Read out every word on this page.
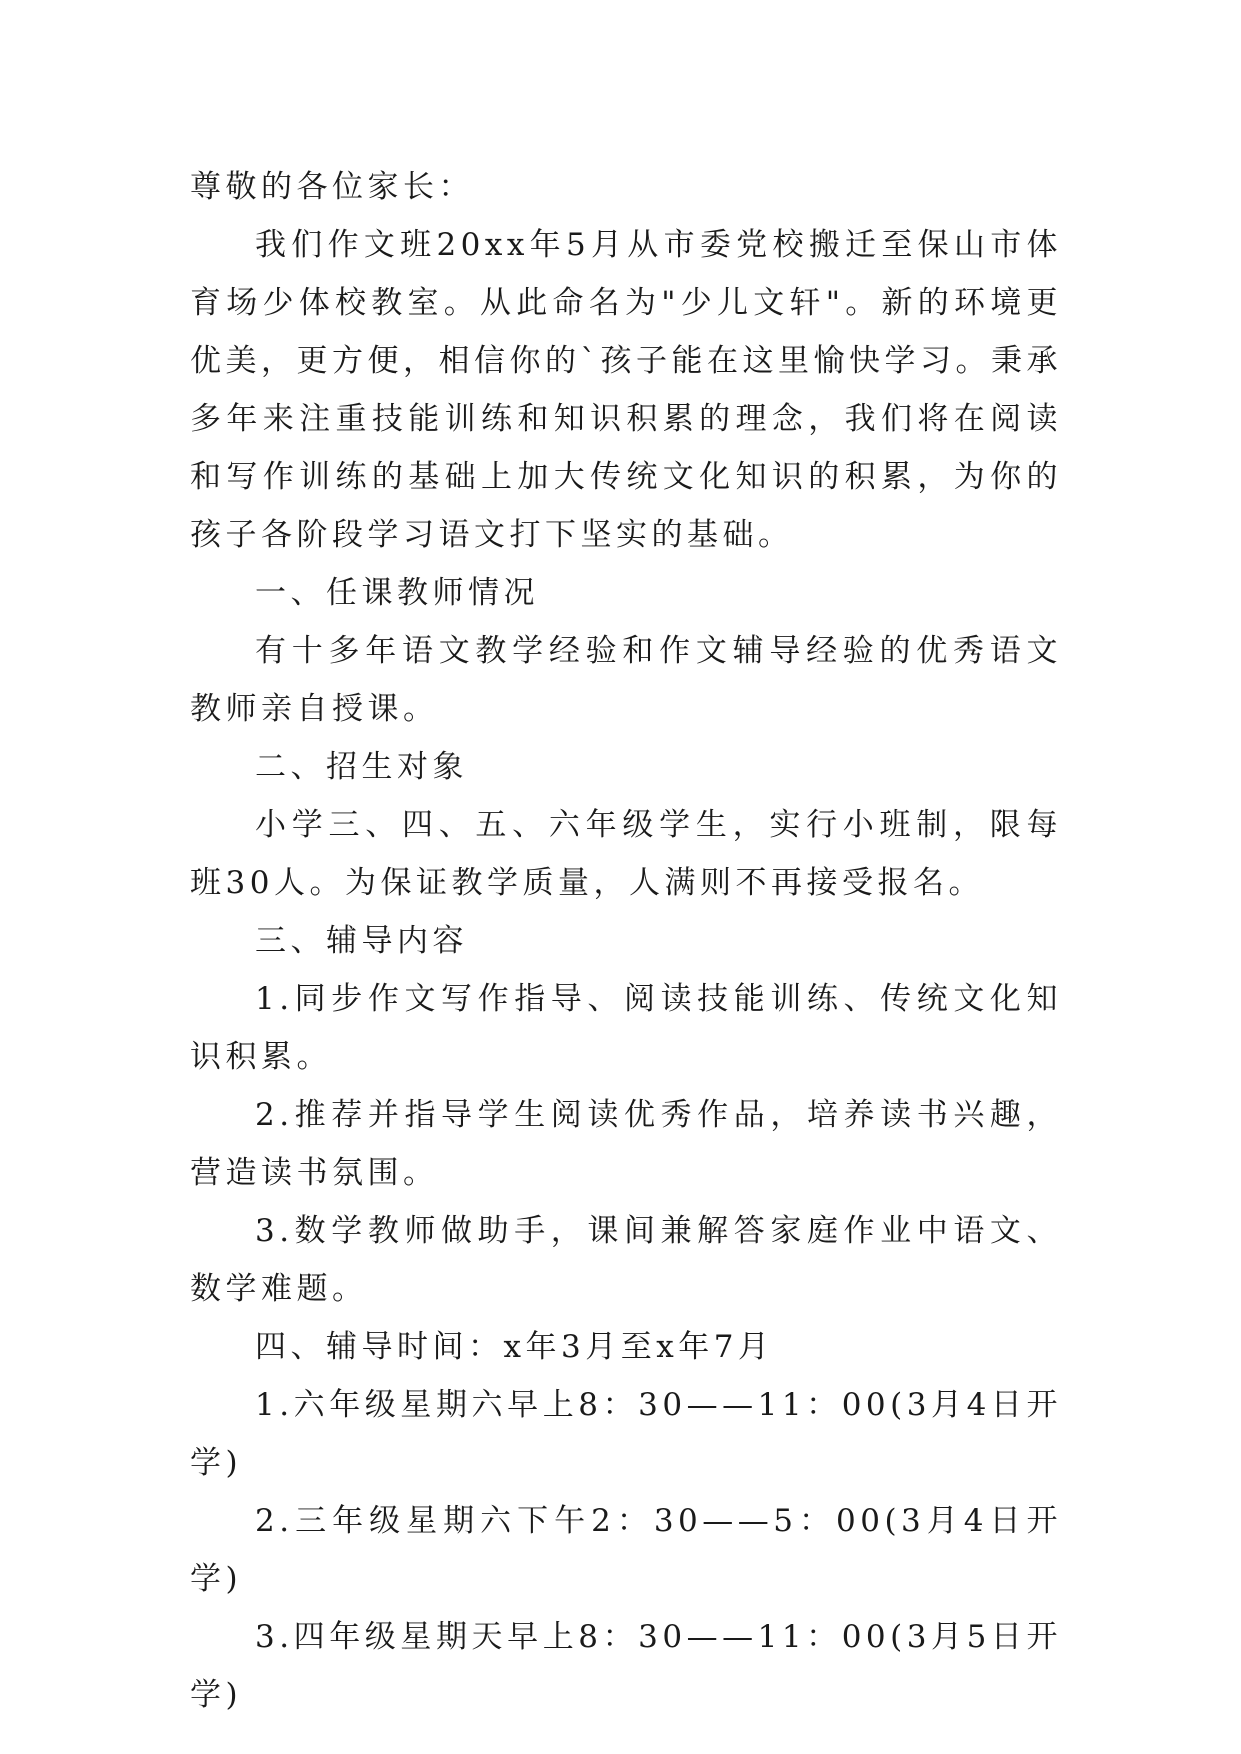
尊敬的各位家长：

我们作文班20xx年5月从市委党校搬迁至保山市体育场少体校教室。从此命名为"少儿文轩"。新的环境更优美，更方便，相信你的`孩子能在这里愉快学习。秉承多年来注重技能训练和知识积累的理念，我们将在阅读和写作训练的基础上加大传统文化知识的积累，为你的孩子各阶段学习语文打下坚实的基础。

一、任课教师情况

有十多年语文教学经验和作文辅导经验的优秀语文教师亲自授课。

二、招生对象

小学三、四、五、六年级学生，实行小班制，限每班30人。为保证教学质量，人满则不再接受报名。

三、辅导内容

1.同步作文写作指导、阅读技能训练、传统文化知识积累。

2.推荐并指导学生阅读优秀作品，培养读书兴趣，营造读书氛围。

3.数学教师做助手，课间兼解答家庭作业中语文、数学难题。

四、辅导时间：x年3月至x年7月

1.六年级星期六早上8：30——11：00(3月4日开学)

2.三年级星期六下午2：30——5：00(3月4日开学)

3.四年级星期天早上8：30——11：00(3月5日开学)
